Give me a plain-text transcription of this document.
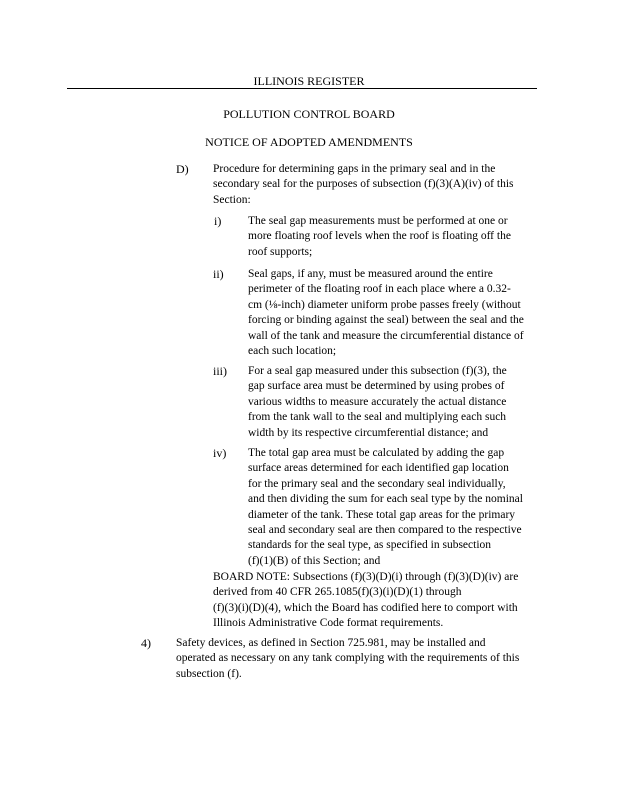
ILLINOIS REGISTER
POLLUTION CONTROL BOARD
NOTICE OF ADOPTED AMENDMENTS
D) Procedure for determining gaps in the primary seal and in the
secondary seal for the purposes of subsection (f)(3)(A)(iv) of this
Section:
i) The seal gap measurements must be performed at one or
more floating roof levels when the roof is floating off the
roof supports;
ii) Seal gaps, if any, must be measured around the entire
perimeter of the floating roof in each place where a 0.32-
cm (⅛-inch) diameter uniform probe passes freely (without
forcing or binding against the seal) between the seal and the
wall of the tank and measure the circumferential distance of
each such location;
iii) For a seal gap measured under this subsection (f)(3), the
gap surface area must be determined by using probes of
various widths to measure accurately the actual distance
from the tank wall to the seal and multiplying each such
width by its respective circumferential distance; and
iv) The total gap area must be calculated by adding the gap
surface areas determined for each identified gap location
for the primary seal and the secondary seal individually,
and then dividing the sum for each seal type by the nominal
diameter of the tank. These total gap areas for the primary
seal and secondary seal are then compared to the respective
standards for the seal type, as specified in subsection
(f)(1)(B) of this Section; and
BOARD NOTE: Subsections (f)(3)(D)(i) through (f)(3)(D)(iv) are
derived from 40 CFR 265.1085(f)(3)(i)(D)(1) through
(f)(3)(i)(D)(4), which the Board has codified here to comport with
Illinois Administrative Code format requirements.
4) Safety devices, as defined in Section 725.981, may be installed and
operated as necessary on any tank complying with the requirements of this
subsection (f).
